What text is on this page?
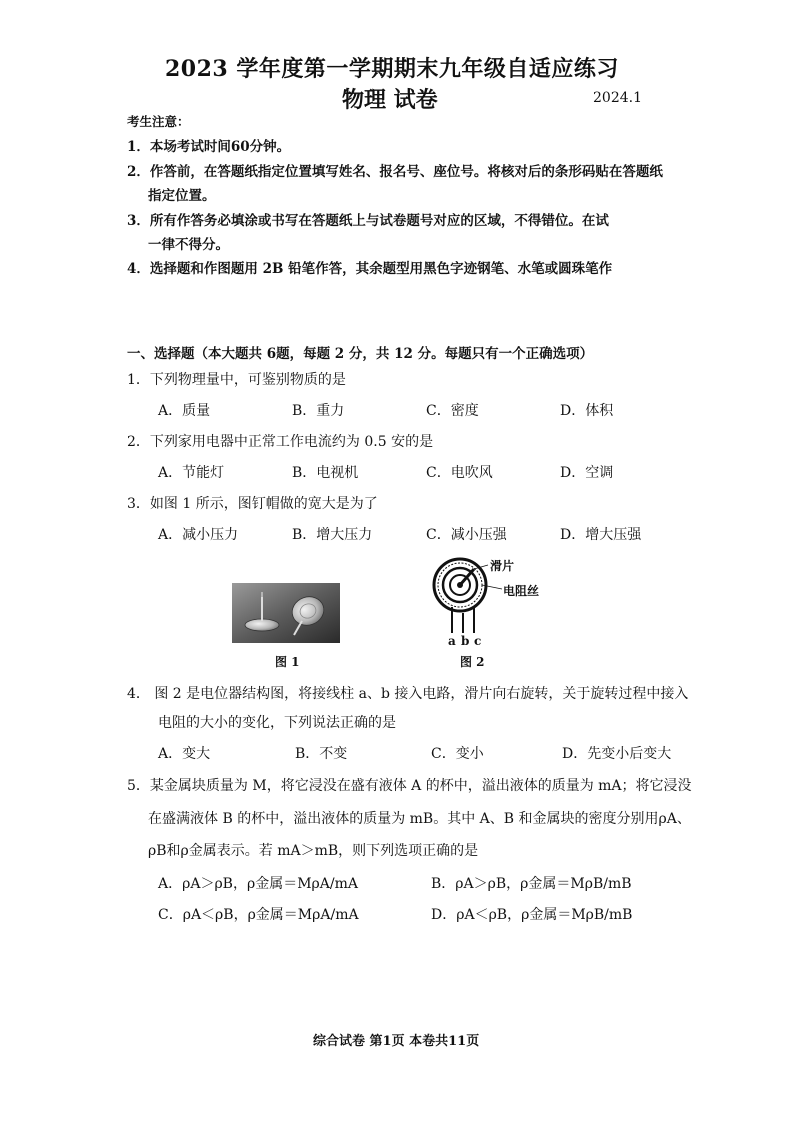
2023 学年度第一学期期末九年级自适应练习
物理 试卷	2024.1
考生注意：
1．本场考试时间60分钟。
2．作答前，在答题纸指定位置填写姓名、报名号、座位号。将核对后的条形码贴在答题纸
指定位置。
3．所有作答务必填涂或书写在答题纸上与试卷题号对应的区域，不得错位。在试
一律不得分。
4．选择题和作图题用 2B 铅笔作答，其余题型用黑色字迹钢笔、水笔或圆珠笔作
一、选择题（本大题共 6题，每题 2 分，共 12 分。每题只有一个正确选项）
1．下列物理量中，可鉴别物质的是
A．质量	B．重力	C．密度	D．体积
2．下列家用电器中正常工作电流约为 0.5 安的是
A．节能灯	B．电视机	C．电吹风	D．空调
3．如图 1 所示，图钉帽做的宽大是为了
A．减小压力	B．增大压力	C．减小压强	D．增大压强
图 1
滑片
电阻丝
a b c
图 2
4． 图 2 是电位器结构图，将接线柱 a、b 接入电路，滑片向右旋转，关于旋转过程中接入
电阻的大小的变化，下列说法正确的是
A．变大	B．不变	C．变小	D．先变小后变大
5．某金属块质量为 M，将它浸没在盛有液体 A 的杯中，溢出液体的质量为 mA；将它浸没
在盛满液体 B 的杯中，溢出液体的质量为 mB。其中 A、B 和金属块的密度分别用ρA、
ρB和ρ金属表示。若 mA＞mB，则下列选项正确的是
A．ρA＞ρB，ρ金属＝MρA/mA	B．ρA＞ρB，ρ金属＝MρB/mB
C．ρA＜ρB，ρ金属＝MρA/mA	D．ρA＜ρB，ρ金属＝MρB/mB
综合试卷 第1页 本卷共11页
